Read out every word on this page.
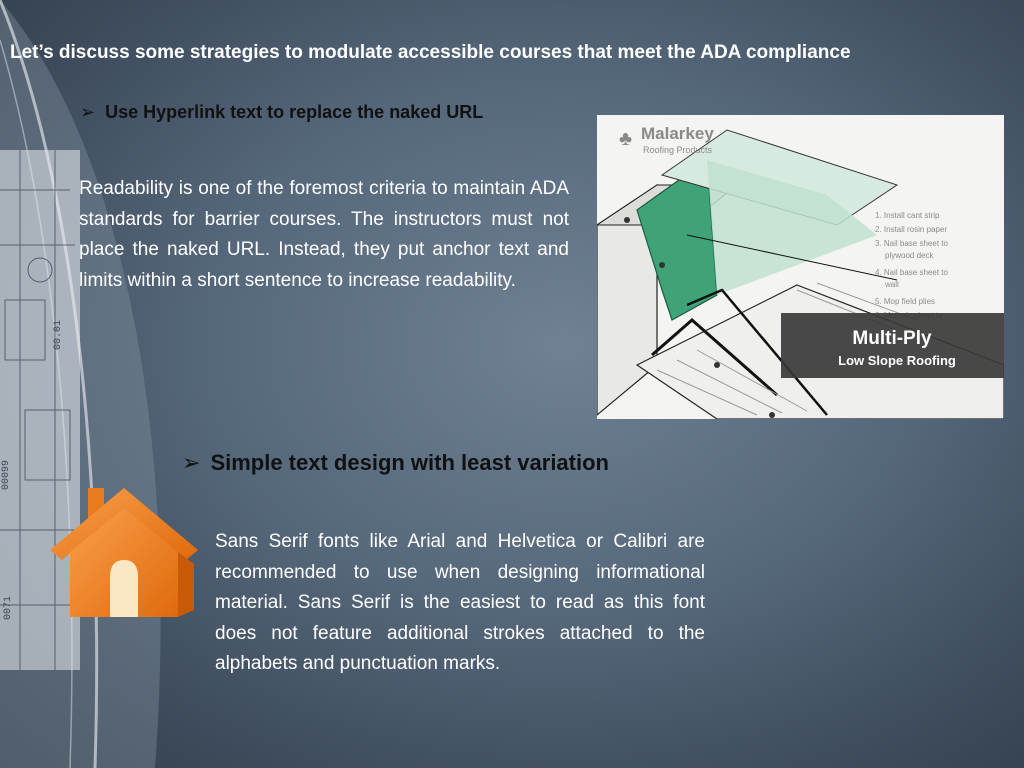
00099
00.01
0071
Let’s discuss some strategies to modulate accessible courses that meet the ADA compliance
➢ Use Hyperlink text to replace the naked URL
Readability is one of the foremost criteria to maintain ADA standards for barrier courses. The instructors must not place the naked URL. Instead, they put anchor text and limits within a short sentence to increase readability.
♣ Malarkey
Roofing Products
1. Install cant strip
2. Install rosin paper
3. Nail base sheet to
plywood deck
4. Nail base sheet to
wall
5. Mop field plies
Multi-Ply
Low Slope Roofing
➢ Simple text design with least variation
Sans Serif fonts like Arial and Helvetica or Calibri are recommended to use when designing informational material. Sans Serif is the easiest to read as this font does not feature additional strokes attached to the alphabets and punctuation marks.
